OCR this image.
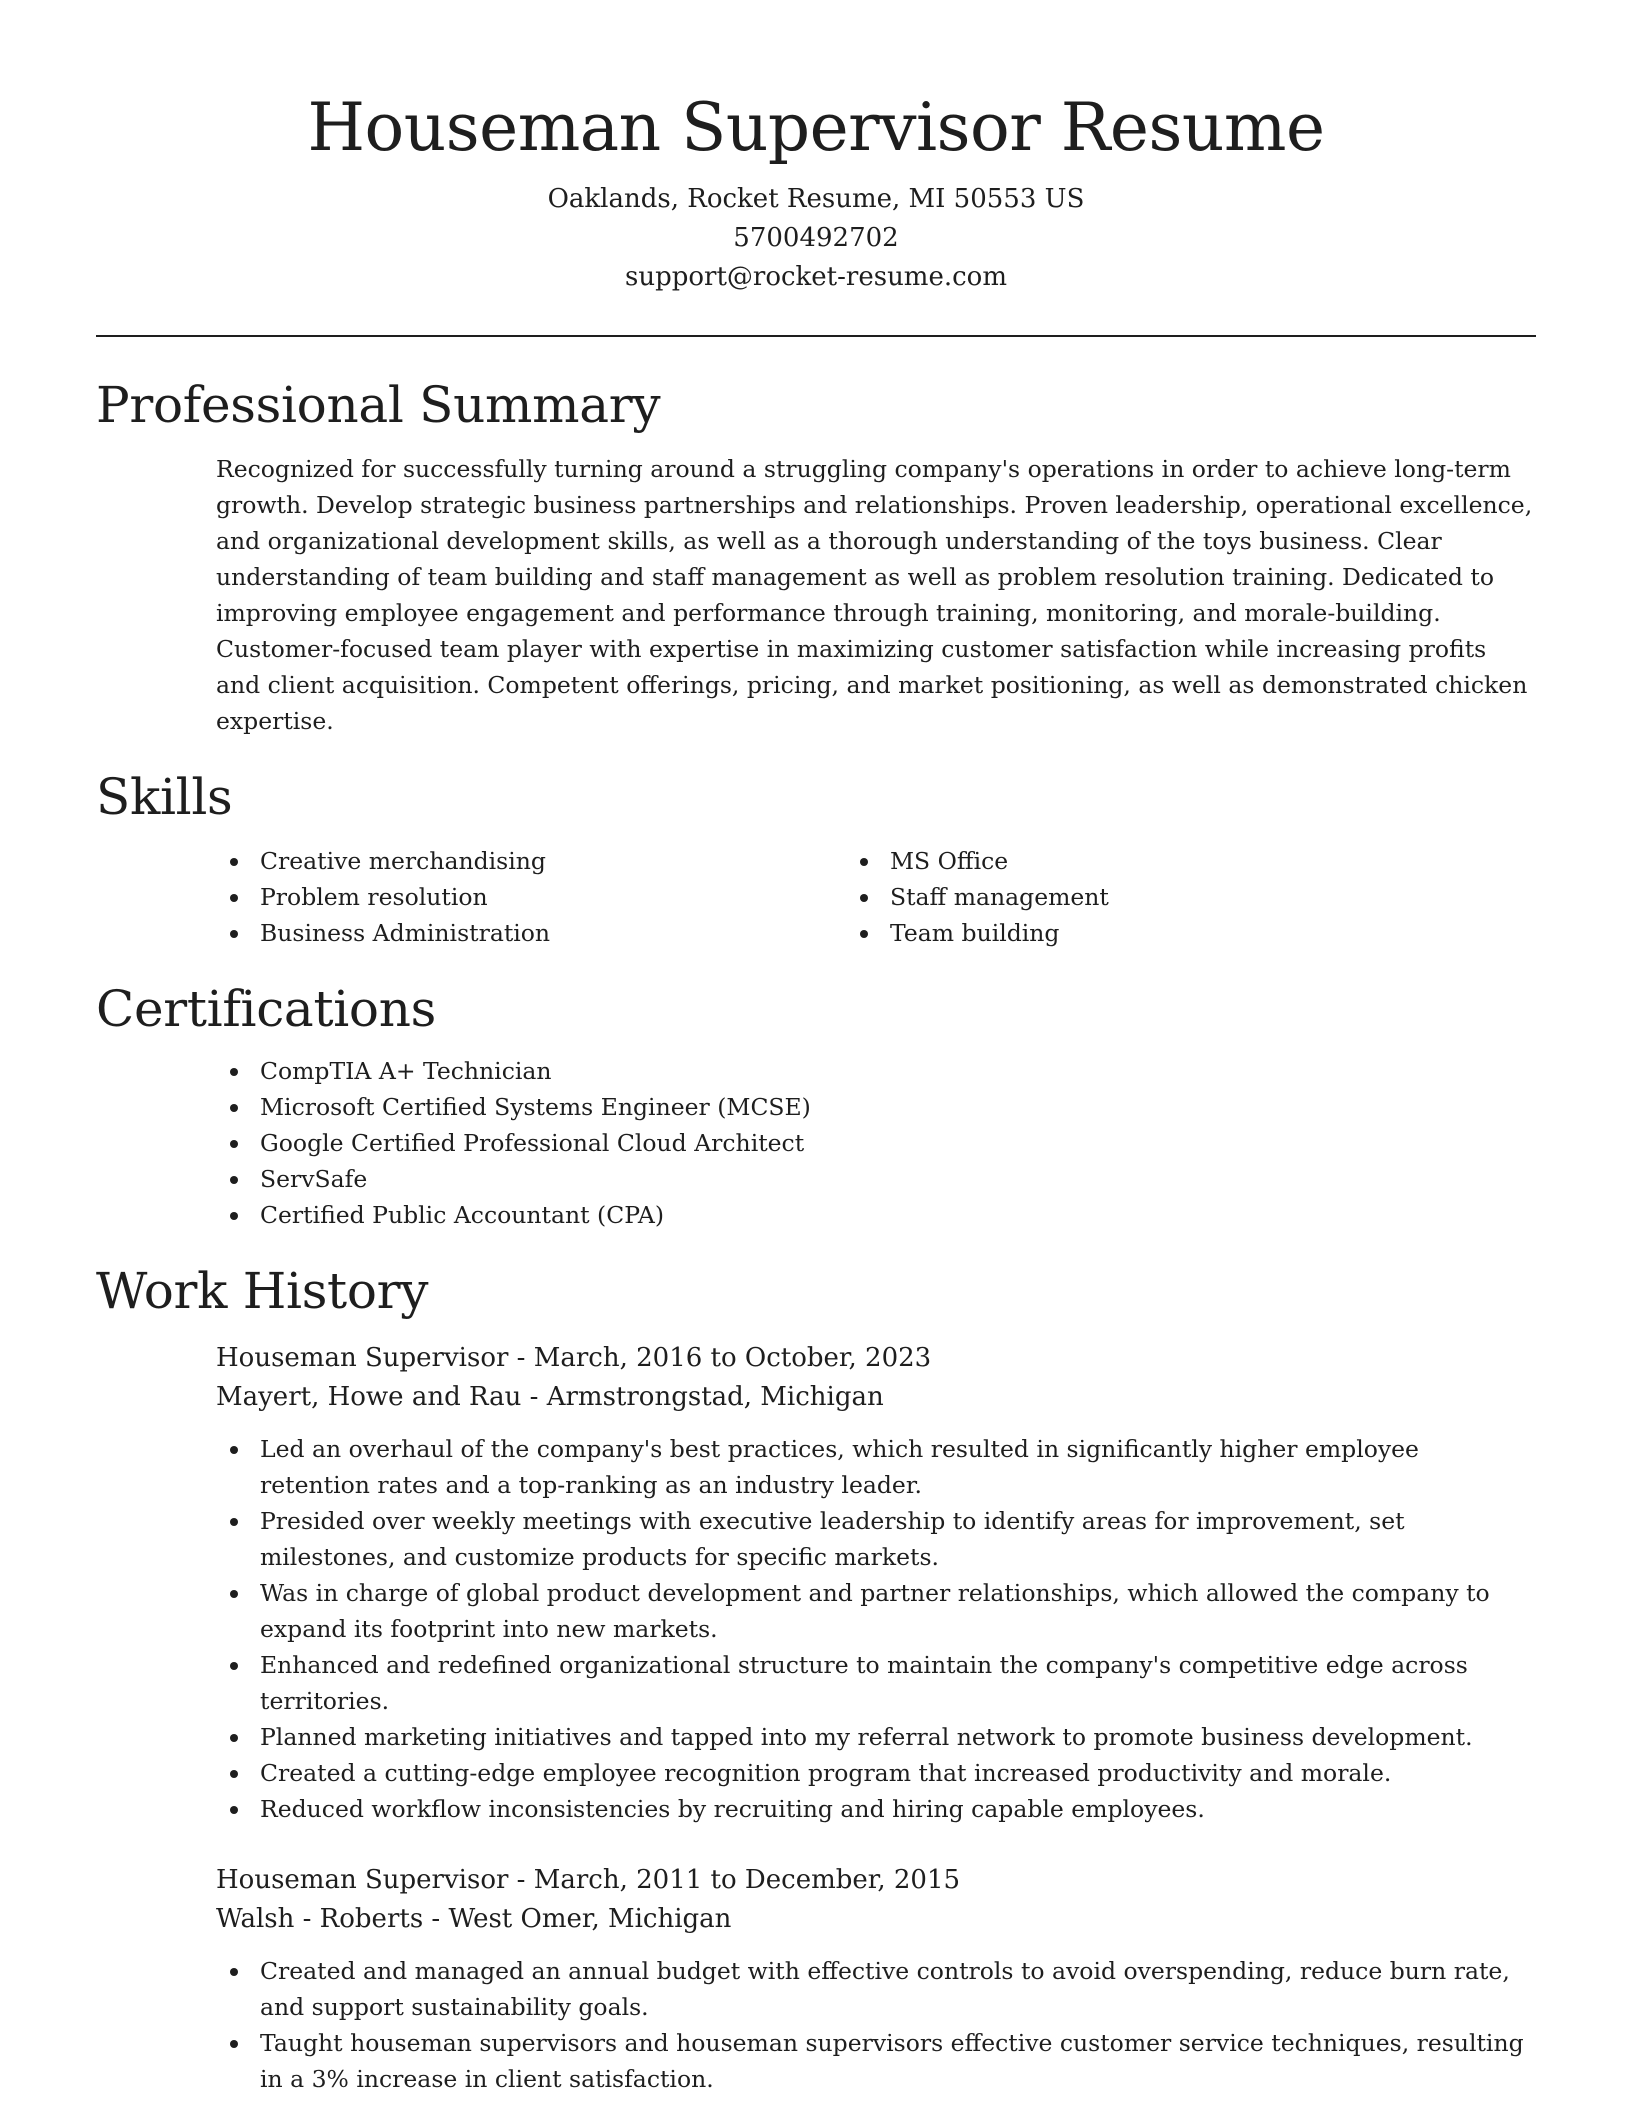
Houseman Supervisor Resume
Oaklands, Rocket Resume, MI 50553 US
5700492702
support@rocket-resume.com
Professional Summary

Recognized for successfully turning around a struggling company's operations in order to achieve long-term growth. Develop strategic business partnerships and relationships. Proven leadership, operational excellence, and organizational development skills, as well as a thorough understanding of the toys business. Clear understanding of team building and staff management as well as problem resolution training. Dedicated to improving employee engagement and performance through training, monitoring, and morale-building. Customer-focused team player with expertise in maximizing customer satisfaction while increasing profits and client acquisition. Competent offerings, pricing, and market positioning, as well as demonstrated chicken expertise.

Skills
Creative merchandising
Problem resolution
Business Administration
MS Office
Staff management
Team building
Certifications
CompTIA A+ Technician
Microsoft Certified Systems Engineer (MCSE)
Google Certified Professional Cloud Architect
ServSafe
Certified Public Accountant (CPA)
Work History
Houseman Supervisor - March, 2016 to October, 2023
Mayert, Howe and Rau - Armstrongstad, Michigan
Led an overhaul of the company's best practices, which resulted in significantly higher employee retention rates and a top-ranking as an industry leader.
Presided over weekly meetings with executive leadership to identify areas for improvement, set milestones, and customize products for specific markets.
Was in charge of global product development and partner relationships, which allowed the company to expand its footprint into new markets.
Enhanced and redefined organizational structure to maintain the company's competitive edge across territories.
Planned marketing initiatives and tapped into my referral network to promote business development.
Created a cutting-edge employee recognition program that increased productivity and morale.
Reduced workflow inconsistencies by recruiting and hiring capable employees.
Houseman Supervisor - March, 2011 to December, 2015
Walsh - Roberts - West Omer, Michigan
Created and managed an annual budget with effective controls to avoid overspending, reduce burn rate, and support sustainability goals.
Taught houseman supervisors and houseman supervisors effective customer service techniques, resulting in a 3% increase in client satisfaction.
